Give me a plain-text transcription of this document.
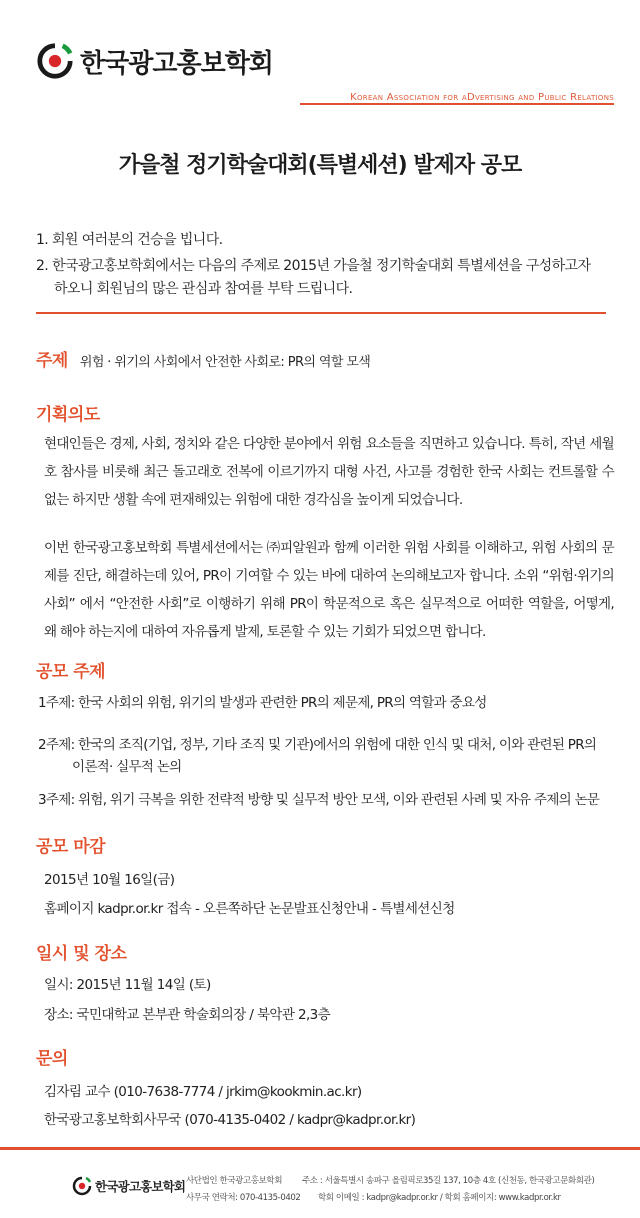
한국광고홍보학회
Korean Association for aDvertising and Public Relations
가을철 정기학술대회(특별세션) 발제자 공모
1. 회원 여러분의 건승을 빕니다.
2. 한국광고홍보학회에서는 다음의 주제로 2015년 가을철 정기학술대회 특별세션을 구성하고자
하오니 회원님의 많은 관심과 참여를 부탁 드립니다.
주제 위험 · 위기의 사회에서 안전한 사회로: PR의 역할 모색
기획의도
현대인들은 경제, 사회, 정치와 같은 다양한 분야에서 위험 요소들을 직면하고 있습니다. 특히, 작년 세월호 참사를 비롯해 최근 돌고래호 전복에 이르기까지 대형 사건, 사고를 경험한 한국 사회는 컨트롤할 수 없는 하지만 생활 속에 편재해있는 위험에 대한 경각심을 높이게 되었습니다.
이번 한국광고홍보학회 특별세션에서는 ㈜피알원과 함께 이러한 위험 사회를 이해하고, 위험 사회의 문제를 진단, 해결하는데 있어, PR이 기여할 수 있는 바에 대하여 논의해보고자 합니다. 소위 “위험·위기의 사회” 에서 “안전한 사회”로 이행하기 위해 PR이 학문적으로 혹은 실무적으로 어떠한 역할을, 어떻게, 왜 해야 하는지에 대하여 자유롭게 발제, 토론할 수 있는 기회가 되었으면 합니다.
공모 주제
1주제: 한국 사회의 위험, 위기의 발생과 관련한 PR의 제문제, PR의 역할과 중요성
2주제: 한국의 조직(기업, 정부, 기타 조직 및 기관)에서의 위험에 대한 인식 및 대처, 이와 관련된 PR의
이론적· 실무적 논의
3주제: 위험, 위기 극복을 위한 전략적 방향 및 실무적 방안 모색, 이와 관련된 사례 및 자유 주제의 논문
공모 마감
2015년 10월 16일(금)
홈페이지 kadpr.or.kr 접속 - 오른쪽하단 논문발표신청안내 - 특별세션신청
일시 및 장소
일시: 2015년 11월 14일 (토)
장소: 국민대학교 본부관 학술회의장 / 북악관 2,3층
문의
김자림 교수 (010-7638-7774 / jrkim@kookmin.ac.kr)
한국광고홍보학회사무국 (070-4135-0402 / kadpr@kadpr.or.kr)
한국광고홍보학회 사단법인 한국광고홍보학회
사무국 연락처: 070-4135-0402
주소 : 서울특별시 송파구 올림픽로35길 137, 10층 4호 (신천동, 한국광고문화회관)
학회 이메일 : kadpr@kadpr.or.kr / 학회 홈페이지: www.kadpr.or.kr
